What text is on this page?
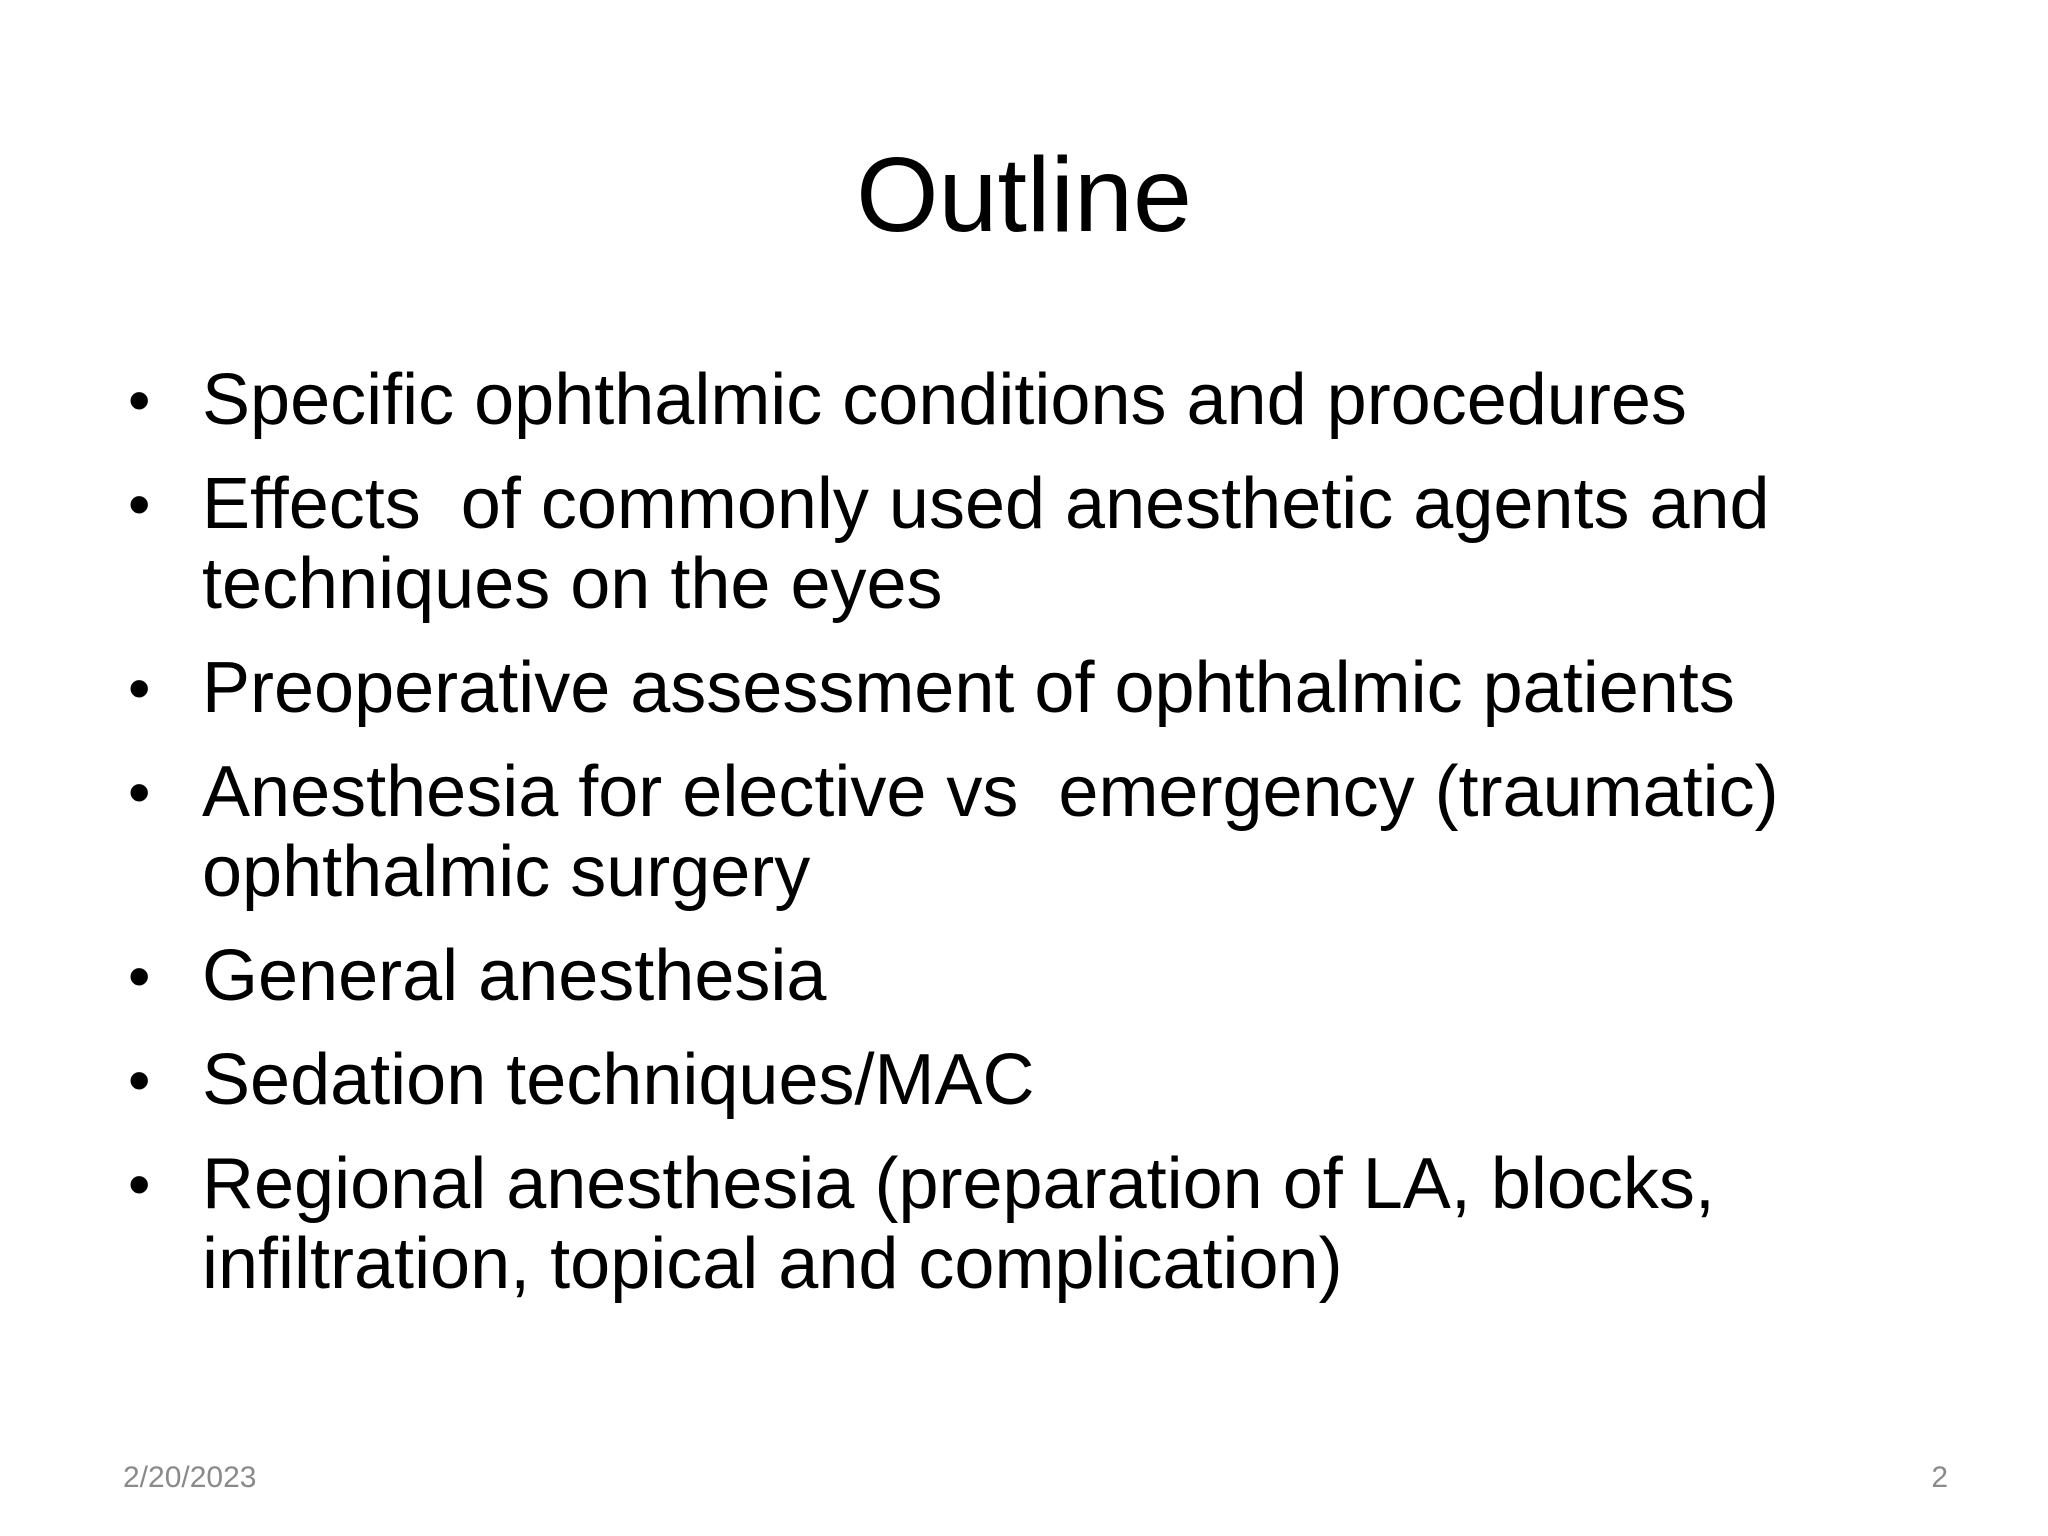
Outline
• Specific ophthalmic conditions and procedures
• Effects  of commonly used anesthetic agents and techniques on the eyes
• Preoperative assessment of ophthalmic patients
• Anesthesia for elective vs  emergency (traumatic) ophthalmic surgery
• General anesthesia
• Sedation techniques/MAC
• Regional anesthesia (preparation of LA, blocks, infiltration, topical and complication)
2/20/2023	2
